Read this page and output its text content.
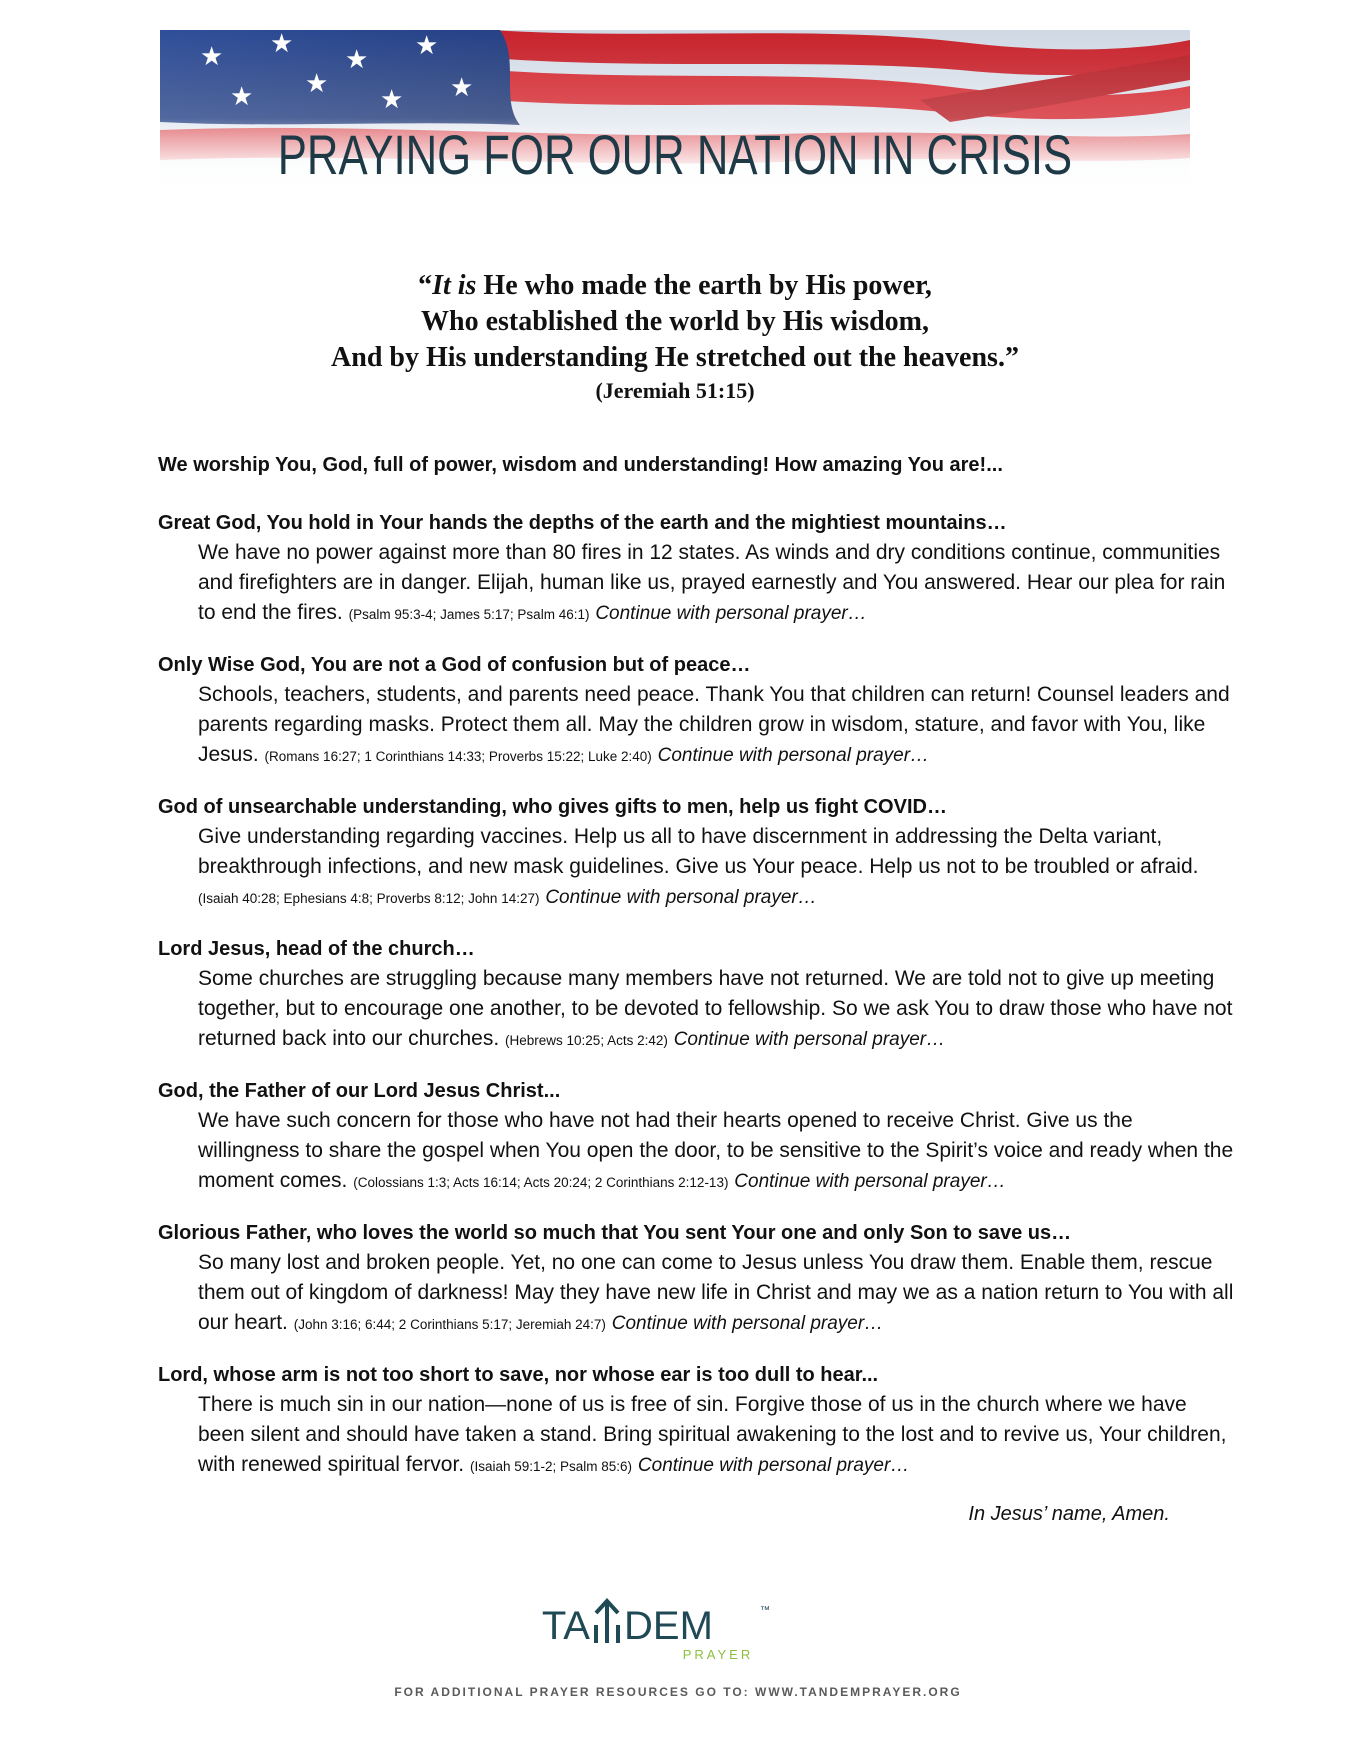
PRAYING FOR OUR NATION IN CRISIS
“It is He who made the earth by His power,
Who established the world by His wisdom,
And by His understanding He stretched out the heavens.”
(Jeremiah 51:15)

We worship You, God, full of power, wisdom and understanding! How amazing You are!...

Great God, You hold in Your hands the depths of the earth and the mightiest mountains…

We have no power against more than 80 fires in 12 states. As winds and dry conditions continue, communities and firefighters are in danger. Elijah, human like us, prayed earnestly and You answered. Hear our plea for rain to end the fires. (Psalm 95:3-4; James 5:17; Psalm 46:1) Continue with personal prayer…

Only Wise God, You are not a God of confusion but of peace…

Schools, teachers, students, and parents need peace. Thank You that children can return! Counsel leaders and parents regarding masks. Protect them all. May the children grow in wisdom, stature, and favor with You, like Jesus. (Romans 16:27; 1 Corinthians 14:33; Proverbs 15:22; Luke 2:40) Continue with personal prayer…

God of unsearchable understanding, who gives gifts to men, help us fight COVID…

Give understanding regarding vaccines. Help us all to have discernment in addressing the Delta variant, breakthrough infections, and new mask guidelines. Give us Your peace. Help us not to be troubled or afraid. (Isaiah 40:28; Ephesians 4:8; Proverbs 8:12; John 14:27) Continue with personal prayer…

Lord Jesus, head of the church…

Some churches are struggling because many members have not returned. We are told not to give up meeting together, but to encourage one another, to be devoted to fellowship. So we ask You to draw those who have not returned back into our churches. (Hebrews 10:25; Acts 2:42) Continue with personal prayer…

God, the Father of our Lord Jesus Christ...

We have such concern for those who have not had their hearts opened to receive Christ. Give us the willingness to share the gospel when You open the door, to be sensitive to the Spirit’s voice and ready when the moment comes. (Colossians 1:3; Acts 16:14; Acts 20:24; 2 Corinthians 2:12-13) Continue with personal prayer…

Glorious Father, who loves the world so much that You sent Your one and only Son to save us…

So many lost and broken people. Yet, no one can come to Jesus unless You draw them. Enable them, rescue them out of kingdom of darkness! May they have new life in Christ and may we as a nation return to You with all our heart. (John 3:16; 6:44; 2 Corinthians 5:17; Jeremiah 24:7) Continue with personal prayer…

Lord, whose arm is not too short to save, nor whose ear is too dull to hear...

There is much sin in our nation—none of us is free of sin. Forgive those of us in the church where we have been silent and should have taken a stand. Bring spiritual awakening to the lost and to revive us, Your children, with renewed spiritual fervor. (Isaiah 59:1-2; Psalm 85:6) Continue with personal prayer…

In Jesus’ name, Amen.
TA DEM	™
PRAYER
FOR ADDITIONAL PRAYER RESOURCES GO TO: WWW.TANDEMPRAYER.ORG
